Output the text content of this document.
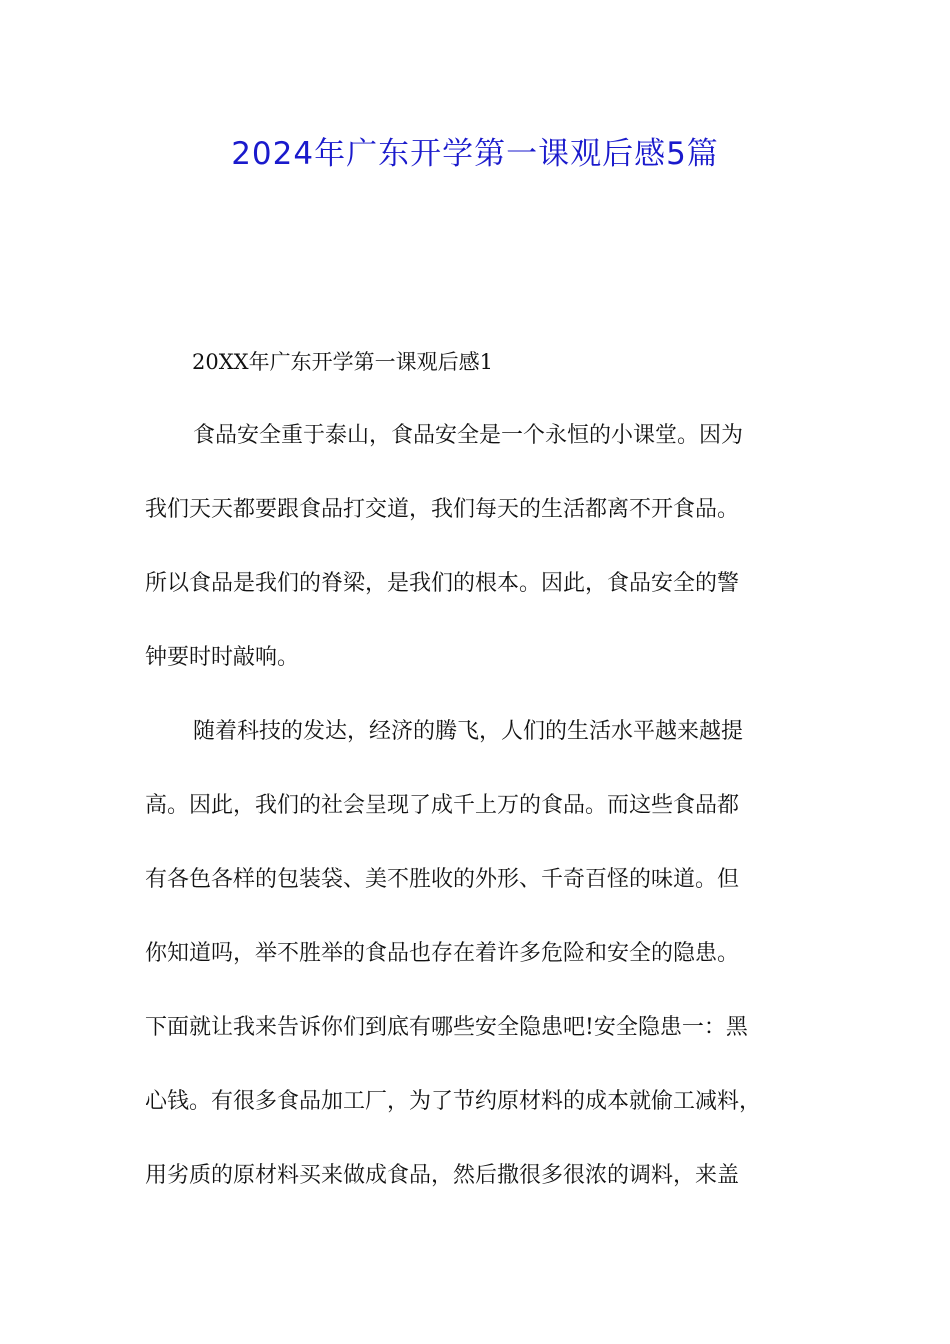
2024年广东开学第一课观后感5篇
20XX年广东开学第一课观后感1
食品安全重于泰山，食品安全是一个永恒的小课堂。因为
我们天天都要跟食品打交道，我们每天的生活都离不开食品。
所以食品是我们的脊梁，是我们的根本。因此，食品安全的警
钟要时时敲响。
随着科技的发达，经济的腾飞，人们的生活水平越来越提
高。因此，我们的社会呈现了成千上万的食品。而这些食品都
有各色各样的包装袋、美不胜收的外形、千奇百怪的味道。但
你知道吗，举不胜举的食品也存在着许多危险和安全的隐患。
下面就让我来告诉你们到底有哪些安全隐患吧!安全隐患一：黑
心钱。有很多食品加工厂，为了节约原材料的成本就偷工减料，
用劣质的原材料买来做成食品，然后撒很多很浓的调料，来盖
